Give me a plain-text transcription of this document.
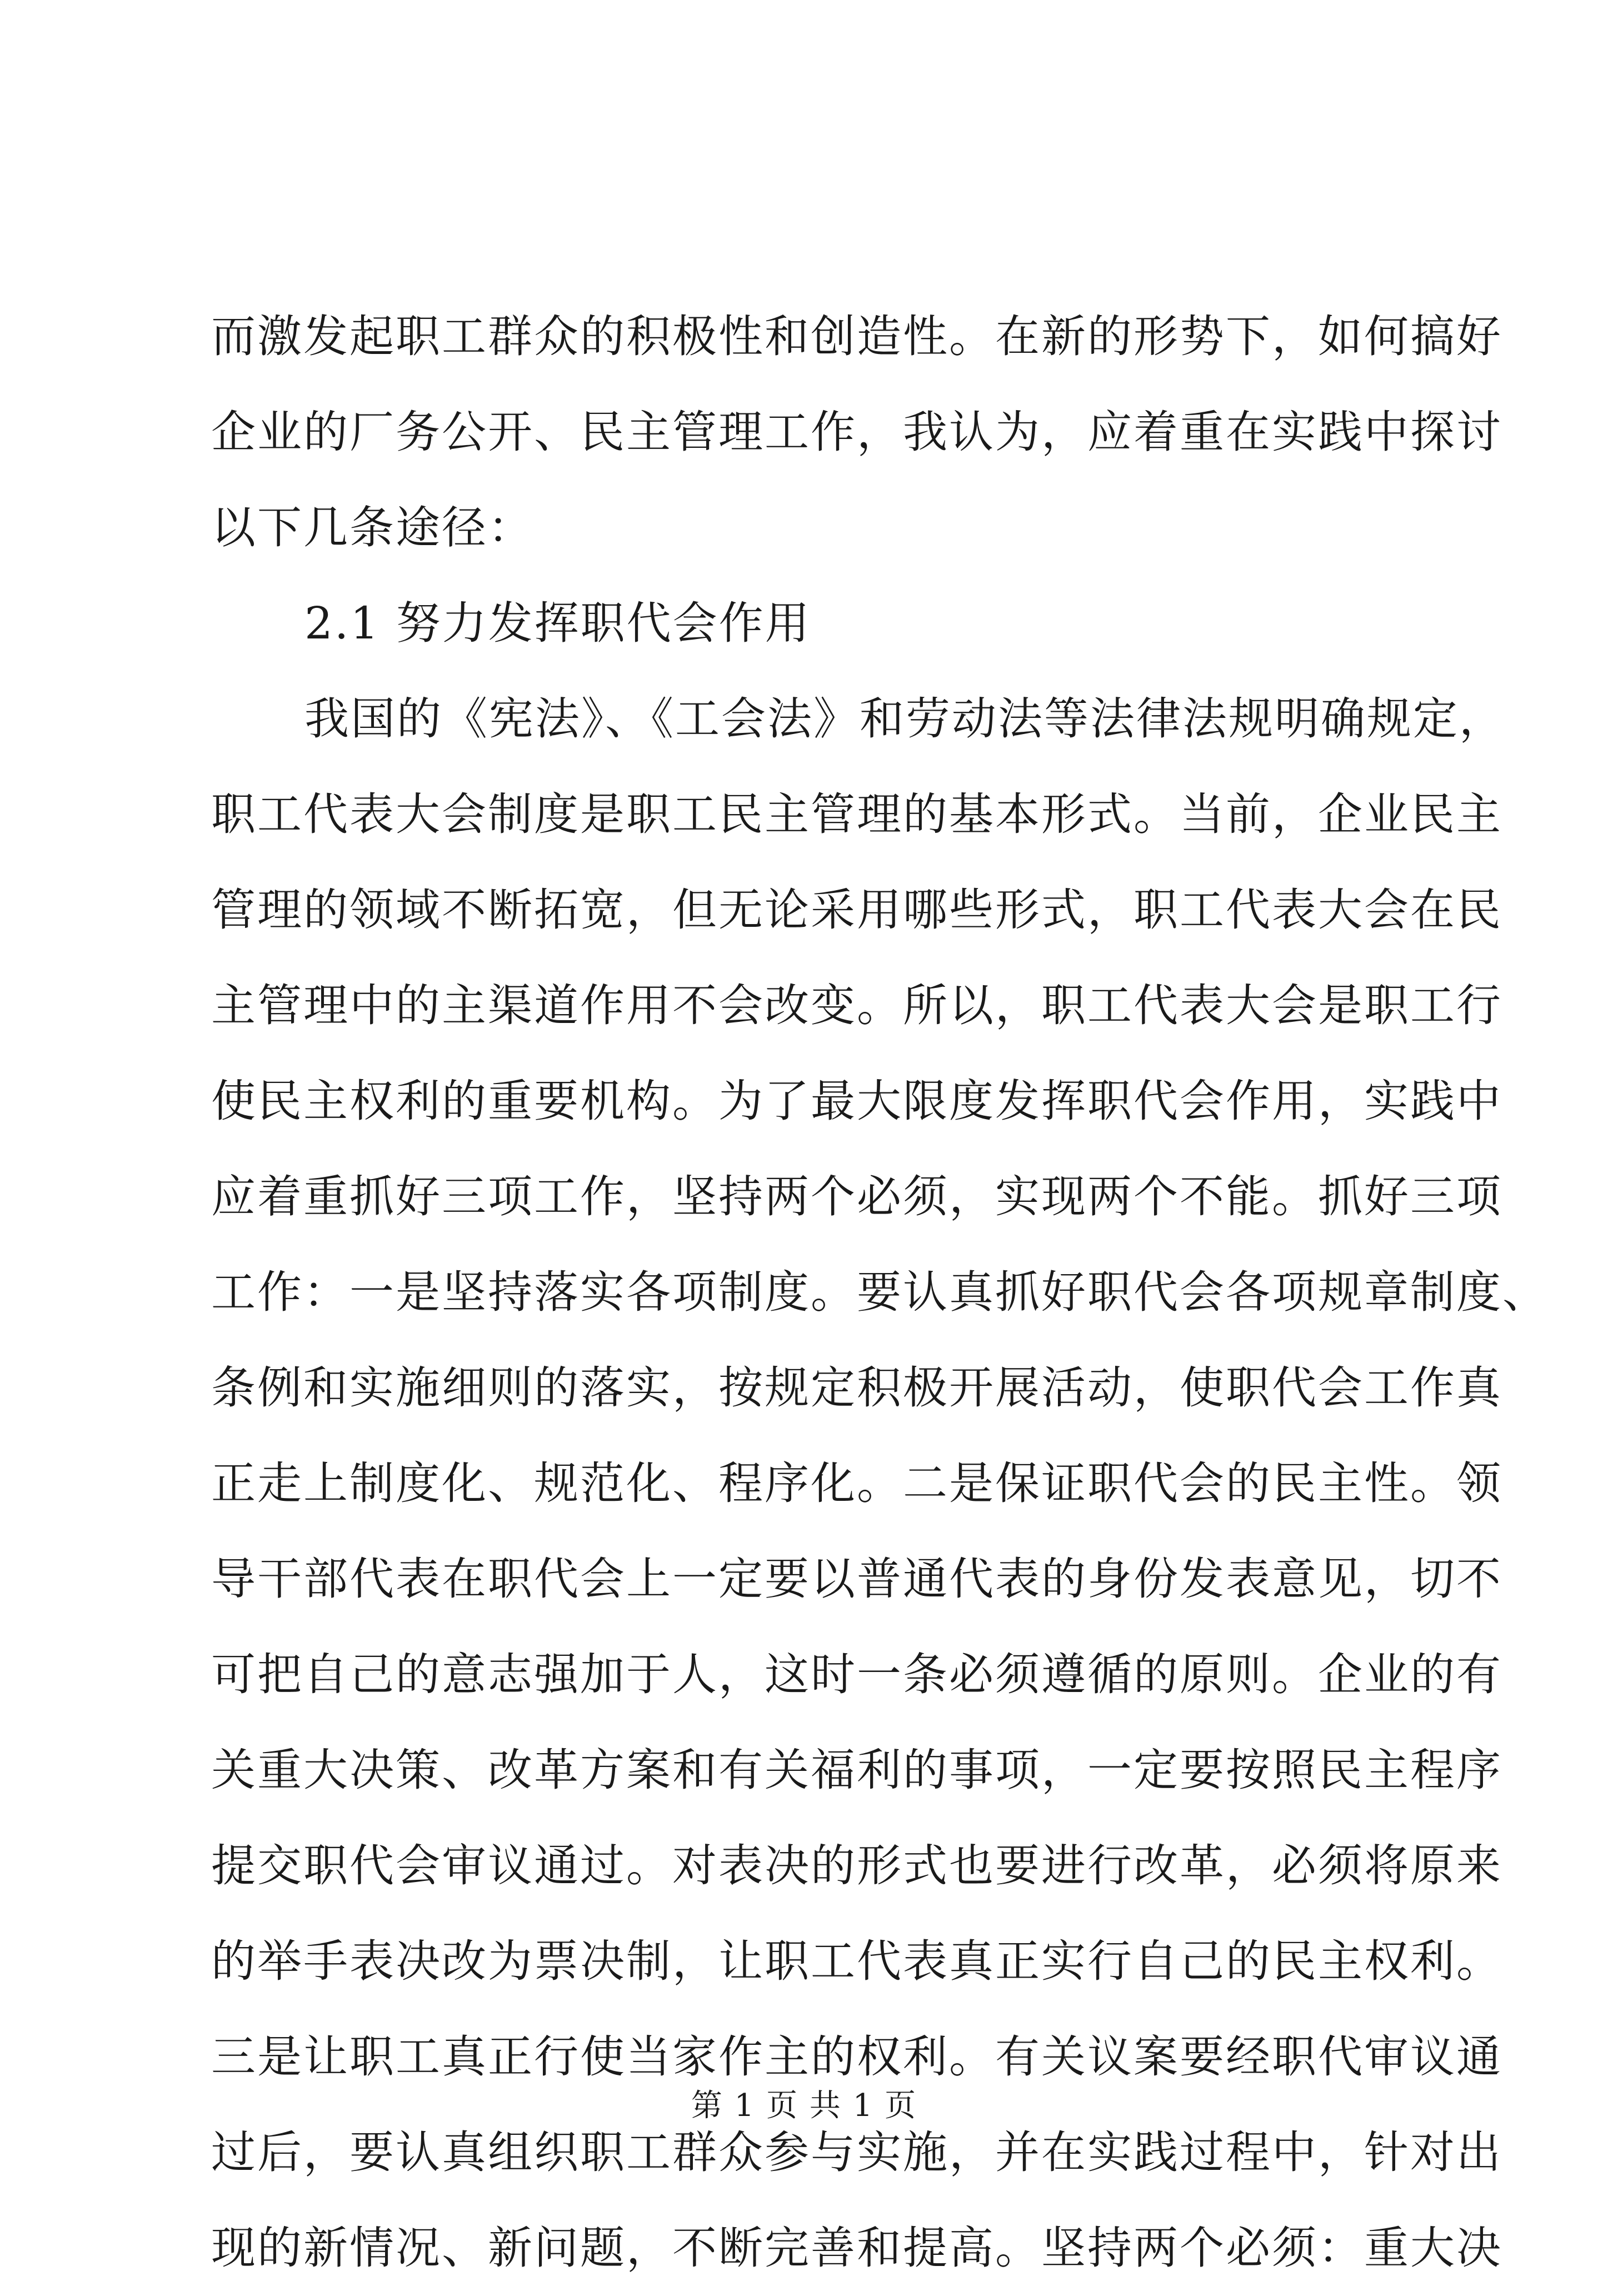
而激发起职工群众的积极性和创造性。在新的形势下，如何搞好
企业的厂务公开、民主管理工作，我认为，应着重在实践中探讨
以下几条途径：
2.1 努力发挥职代会作用
我国的《宪法》、《工会法》和劳动法等法律法规明确规定，
职工代表大会制度是职工民主管理的基本形式。当前，企业民主
管理的领域不断拓宽，但无论采用哪些形式，职工代表大会在民
主管理中的主渠道作用不会改变。所以，职工代表大会是职工行
使民主权利的重要机构。为了最大限度发挥职代会作用，实践中
应着重抓好三项工作，坚持两个必须，实现两个不能。抓好三项
工作：一是坚持落实各项制度。要认真抓好职代会各项规章制度、
条例和实施细则的落实，按规定积极开展活动，使职代会工作真
正走上制度化、规范化、程序化。二是保证职代会的民主性。领
导干部代表在职代会上一定要以普通代表的身份发表意见，切不
可把自己的意志强加于人，这时一条必须遵循的原则。企业的有
关重大决策、改革方案和有关福利的事项，一定要按照民主程序
提交职代会审议通过。对表决的形式也要进行改革，必须将原来
的举手表决改为票决制，让职工代表真正实行自己的民主权利。
三是让职工真正行使当家作主的权利。有关议案要经职代审议通
过后，要认真组织职工群众参与实施，并在实践过程中，针对出
现的新情况、新问题，不断完善和提高。坚持两个必须：重大决
第 1 页 共 1 页
